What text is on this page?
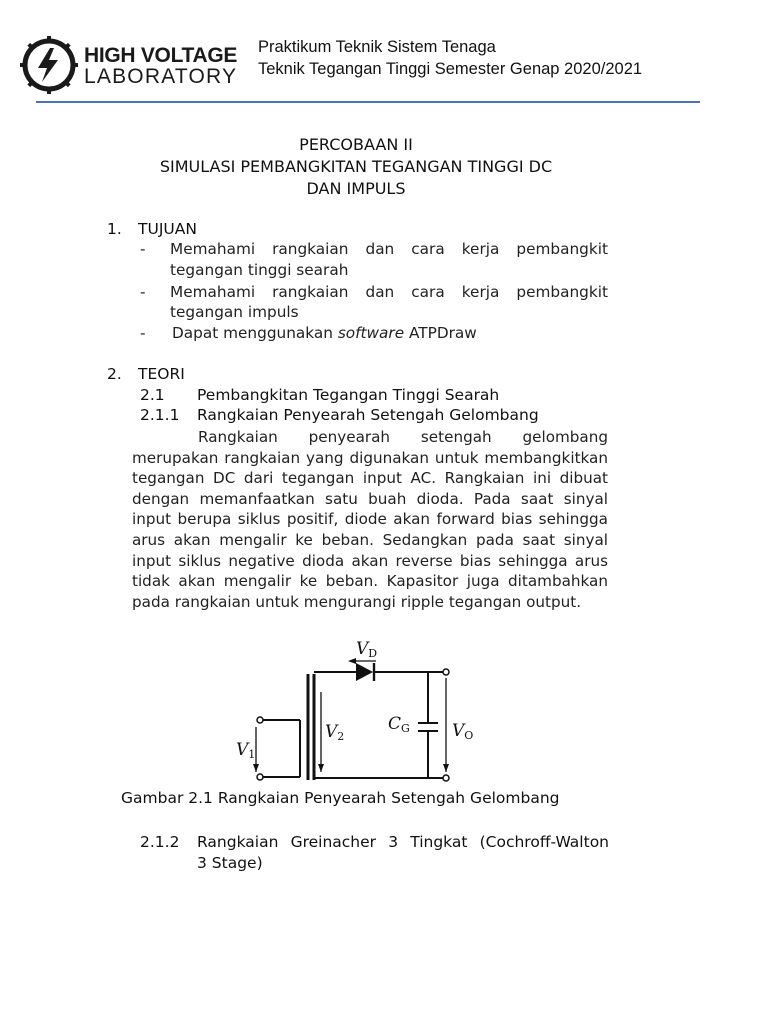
HIGH VOLTAGE
LABORATORY
Praktikum Teknik Sistem Tenaga
Teknik Tegangan Tinggi Semester Genap 2020/2021
PERCOBAAN II
SIMULASI PEMBANGKITAN TEGANGAN TINGGI DC
DAN IMPULS
1. TUJUAN
- Memahami rangkaian dan cara kerja pembangkit
tegangan tinggi searah
- Memahami rangkaian dan cara kerja pembangkit
tegangan impuls
- Dapat menggunakan software ATPDraw
2. TEORI
2.1 Pembangkitan Tegangan Tinggi Searah
2.1.1 Rangkaian Penyearah Setengah Gelombang

Rangkaian penyearah setengah gelombang merupakan rangkaian yang digunakan untuk membangkitkan tegangan DC dari tegangan input AC. Rangkaian ini dibuat dengan memanfaatkan satu buah dioda. Pada saat sinyal input berupa siklus positif, diode akan forward bias sehingga arus akan mengalir ke beban. Sedangkan pada saat sinyal input siklus negative dioda akan reverse bias sehingga arus tidak akan mengalir ke beban. Kapasitor juga ditambahkan pada rangkaian untuk mengurangi ripple tegangan output.

VD
V1
V2
CG VO
Gambar 2.1 Rangkaian Penyearah Setengah Gelombang
2.1.2 Rangkaian Greinacher 3 Tingkat (Cochroff-Walton
3 Stage)
